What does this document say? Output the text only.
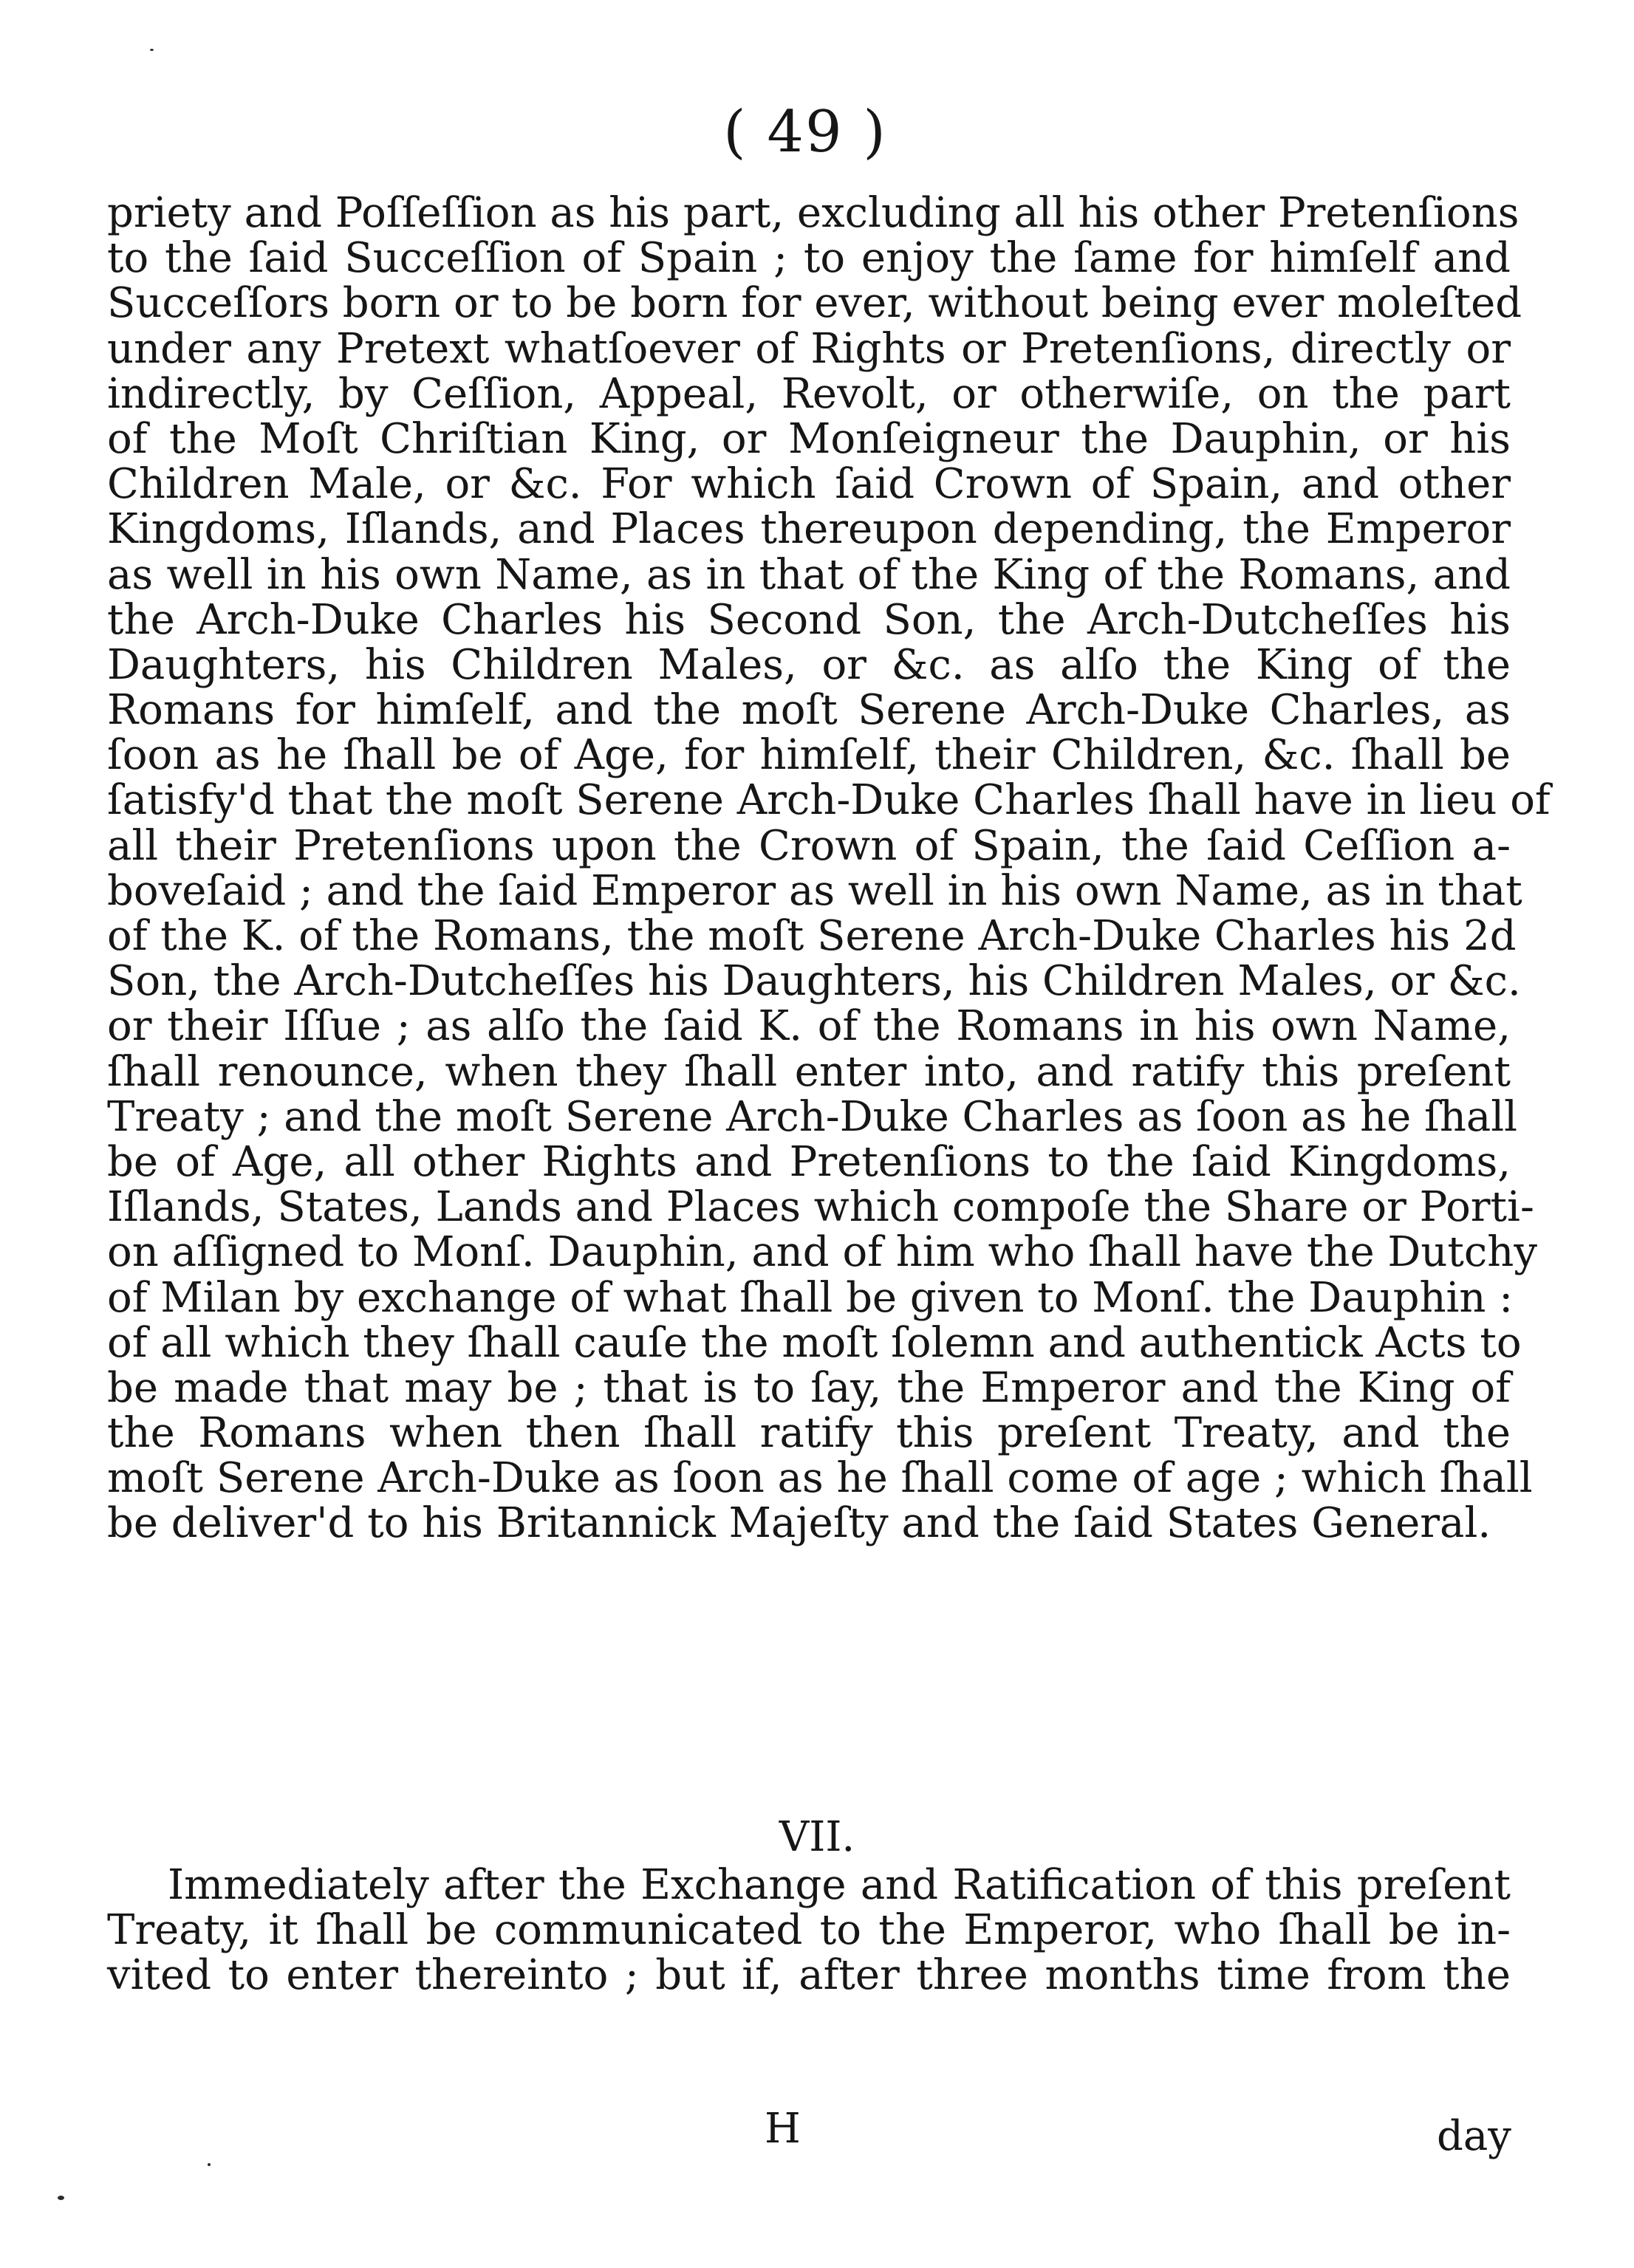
( 49 )
priety and Poſſeſſion as his part, excluding all his other Pretenſions
to the ſaid Succeſſion of Spain ; to enjoy the ſame for himſelf and
Succeſſors born or to be born for ever, without being ever moleſted
under any Pretext whatſoever of Rights or Pretenſions, directly or
indirectly, by Ceſſion, Appeal, Revolt, or otherwiſe, on the part
of the Moſt Chriſtian King, or Monſeigneur the Dauphin, or his
Children Male, or &c. For which ſaid Crown of Spain, and other
Kingdoms, Iſlands, and Places thereupon depending, the Emperor
as well in his own Name, as in that of the King of the Romans, and
the Arch-Duke Charles his Second Son, the Arch-Dutcheſſes his
Daughters, his Children Males, or &c. as alſo the King of the
Romans for himſelf, and the moſt Serene Arch-Duke Charles, as
ſoon as he ſhall be of Age, for himſelf, their Children, &c. ſhall be
ſatisfy'd that the moſt Serene Arch-Duke Charles ſhall have in lieu of
all their Pretenſions upon the Crown of Spain, the ſaid Ceſſion a-
boveſaid ; and the ſaid Emperor as well in his own Name, as in that
of the K. of the Romans, the moſt Serene Arch-Duke Charles his 2d
Son, the Arch-Dutcheſſes his Daughters, his Children Males, or &c.
or their Iſſue ; as alſo the ſaid K. of the Romans in his own Name,
ſhall renounce, when they ſhall enter into, and ratify this preſent
Treaty ; and the moſt Serene Arch-Duke Charles as ſoon as he ſhall
be of Age, all other Rights and Pretenſions to the ſaid Kingdoms,
Iſlands, States, Lands and Places which compoſe the Share or Porti-
on aſſigned to Monſ. Dauphin, and of him who ſhall have the Dutchy
of Milan by exchange of what ſhall be given to Monſ. the Dauphin :
of all which they ſhall cauſe the moſt ſolemn and authentick Acts to
be made that may be ; that is to ſay, the Emperor and the King of
the Romans when then ſhall ratify this preſent Treaty, and the
moſt Serene Arch-Duke as ſoon as he ſhall come of age ; which ſhall
be deliver'd to his Britannick Majeſty and the ſaid States General.
VII.
Immediately after the Exchange and Ratification of this preſent
Treaty, it ſhall be communicated to the Emperor, who ſhall be in-
vited to enter thereinto ; but if, after three months time from the
H	day
